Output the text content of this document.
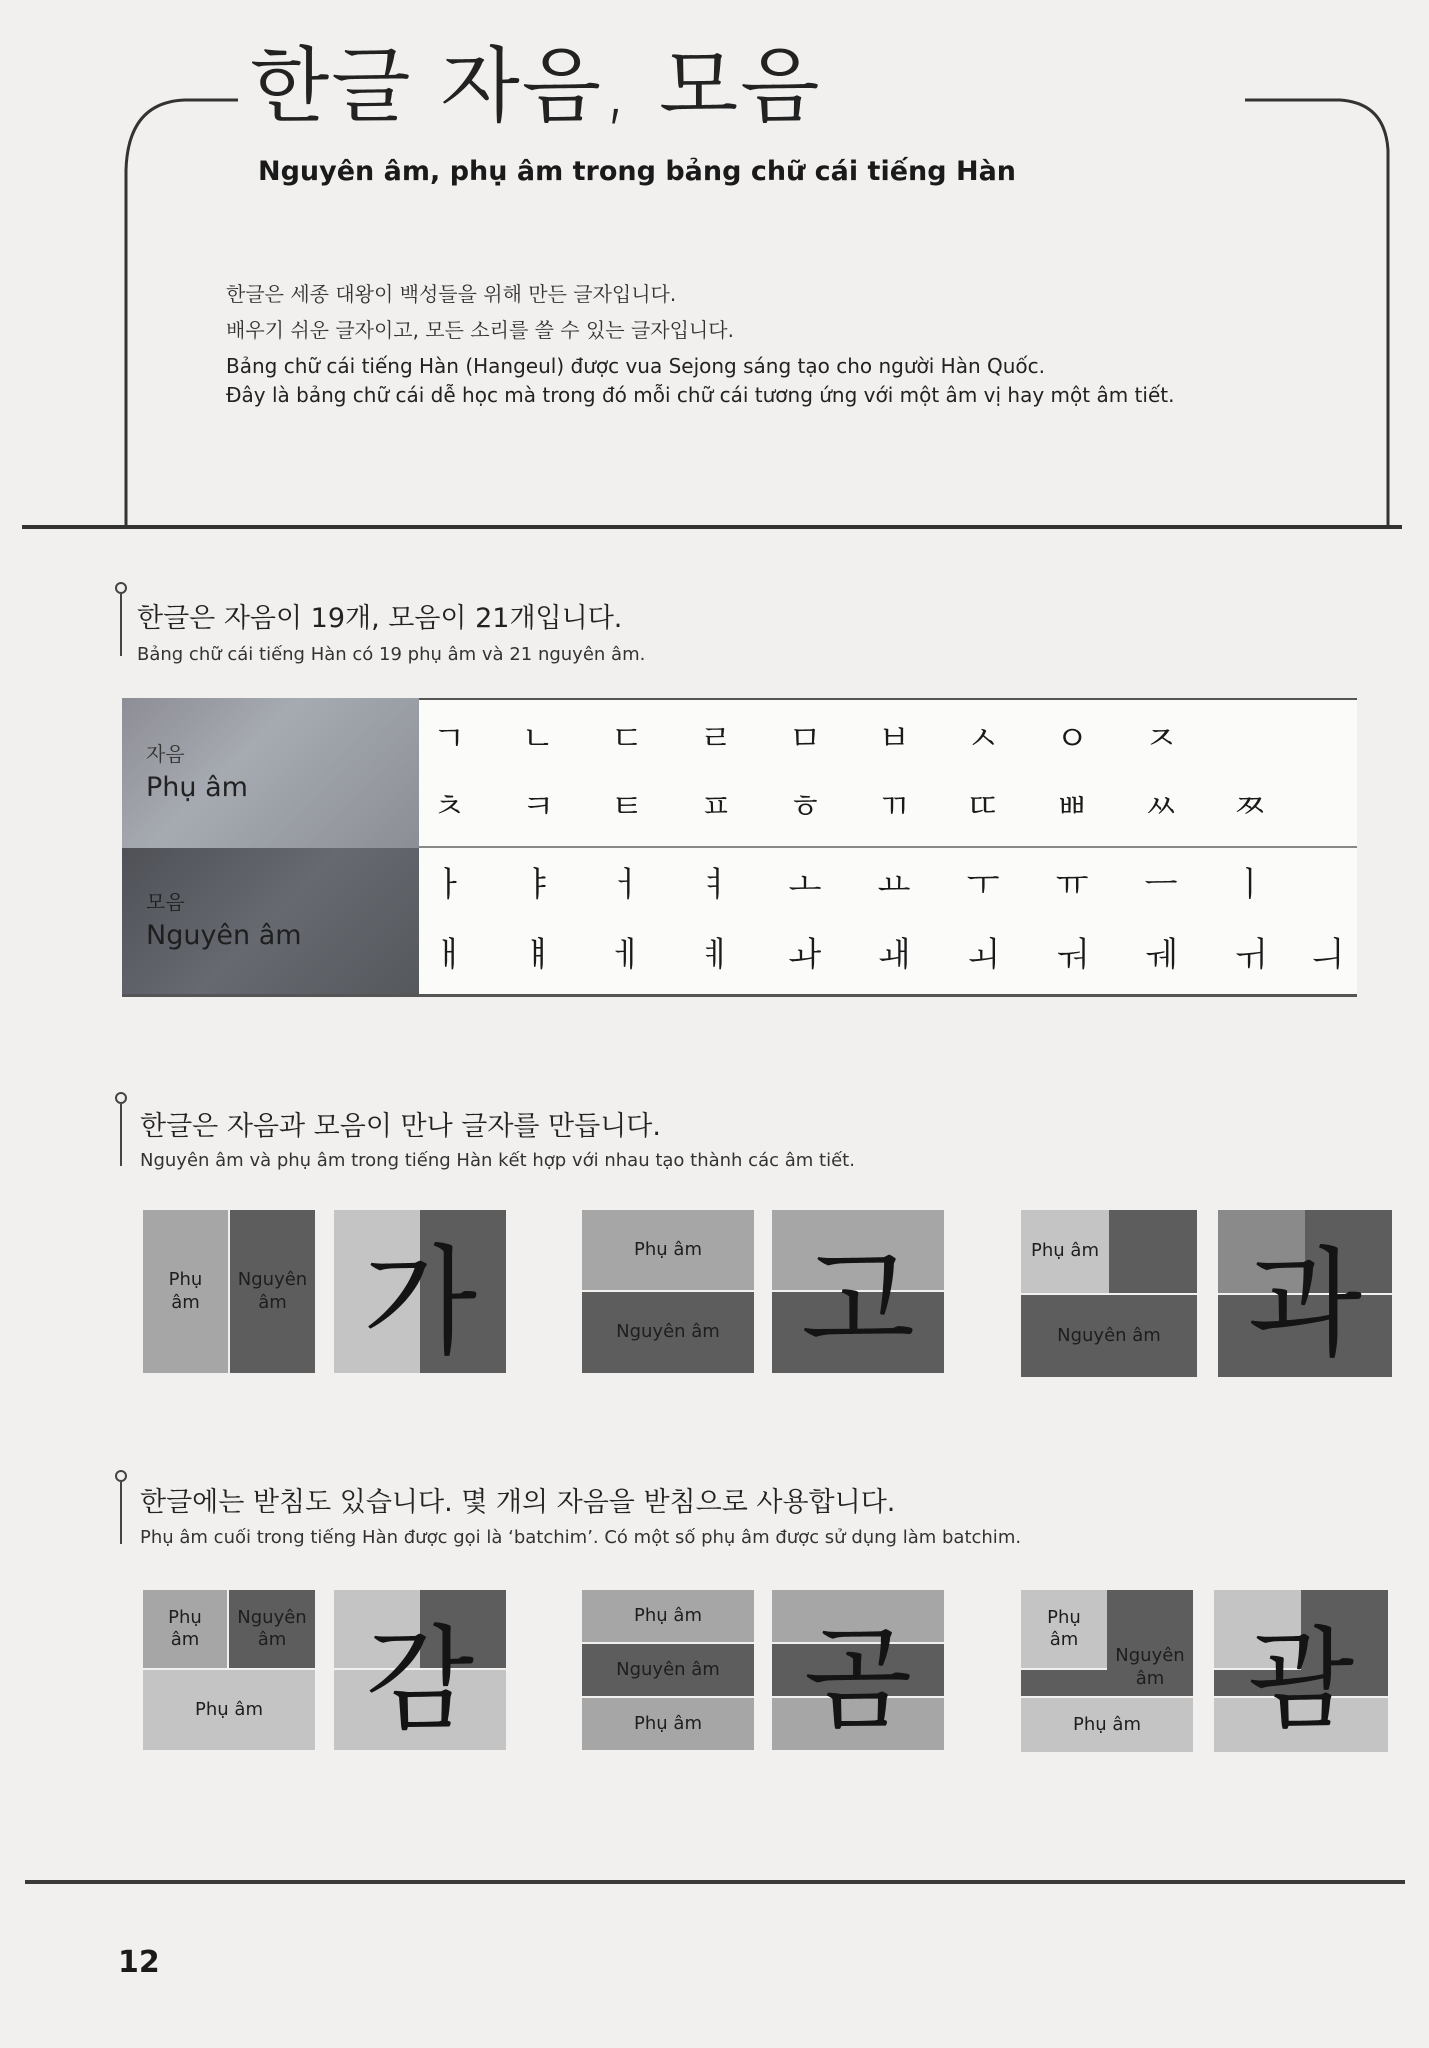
한글 자음, 모음
Nguyên âm, phụ âm trong bảng chữ cái tiếng Hàn
한글은 세종 대왕이 백성들을 위해 만든 글자입니다.
배우기 쉬운 글자이고, 모든 소리를 쓸 수 있는 글자입니다.
Bảng chữ cái tiếng Hàn (Hangeul) được vua Sejong sáng tạo cho người Hàn Quốc.
Đây là bảng chữ cái dễ học mà trong đó mỗi chữ cái tương ứng với một âm vị hay một âm tiết.
한글은 자음이 19개, 모음이 21개입니다.
Bảng chữ cái tiếng Hàn có 19 phụ âm và 21 nguyên âm.
자음
Phụ âm
모음
Nguyên âm
ㄱ	ㄴ	ㄷ	ㄹ	ㅁ	ㅂ	ㅅ	ㅇ	ㅈ
ㅊ	ㅋ	ㅌ	ㅍ	ㅎ	ㄲ	ㄸ	ㅃ	ㅆ	ㅉ
ㅏ	ㅑ	ㅓ	ㅕ	ㅗ	ㅛ	ㅜ	ㅠ	ㅡ	ㅣ
ㅐ	ㅒ	ㅔ	ㅖ	ㅘ	ㅙ	ㅚ	ㅝ	ㅞ	ㅟ	ㅢ
한글은 자음과 모음이 만나 글자를 만듭니다.
Nguyên âm và phụ âm trong tiếng Hàn kết hợp với nhau tạo thành các âm tiết.
Phụ
âm
Nguyên
âm 가	Phụ âm
Nguyên âm 고	Phụ âm
Nguyên âm 과
한글에는 받침도 있습니다. 몇 개의 자음을 받침으로 사용합니다.
Phụ âm cuối trong tiếng Hàn được gọi là ‘batchim’. Có một số phụ âm được sử dụng làm batchim.
Phụ
âm
Nguyên
âm
Phụ âm 감	Phụ âm
Nguyên âm
Phụ âm 곰	Phụ
âm
Nguyên
âm
Phụ âm 괌
12
